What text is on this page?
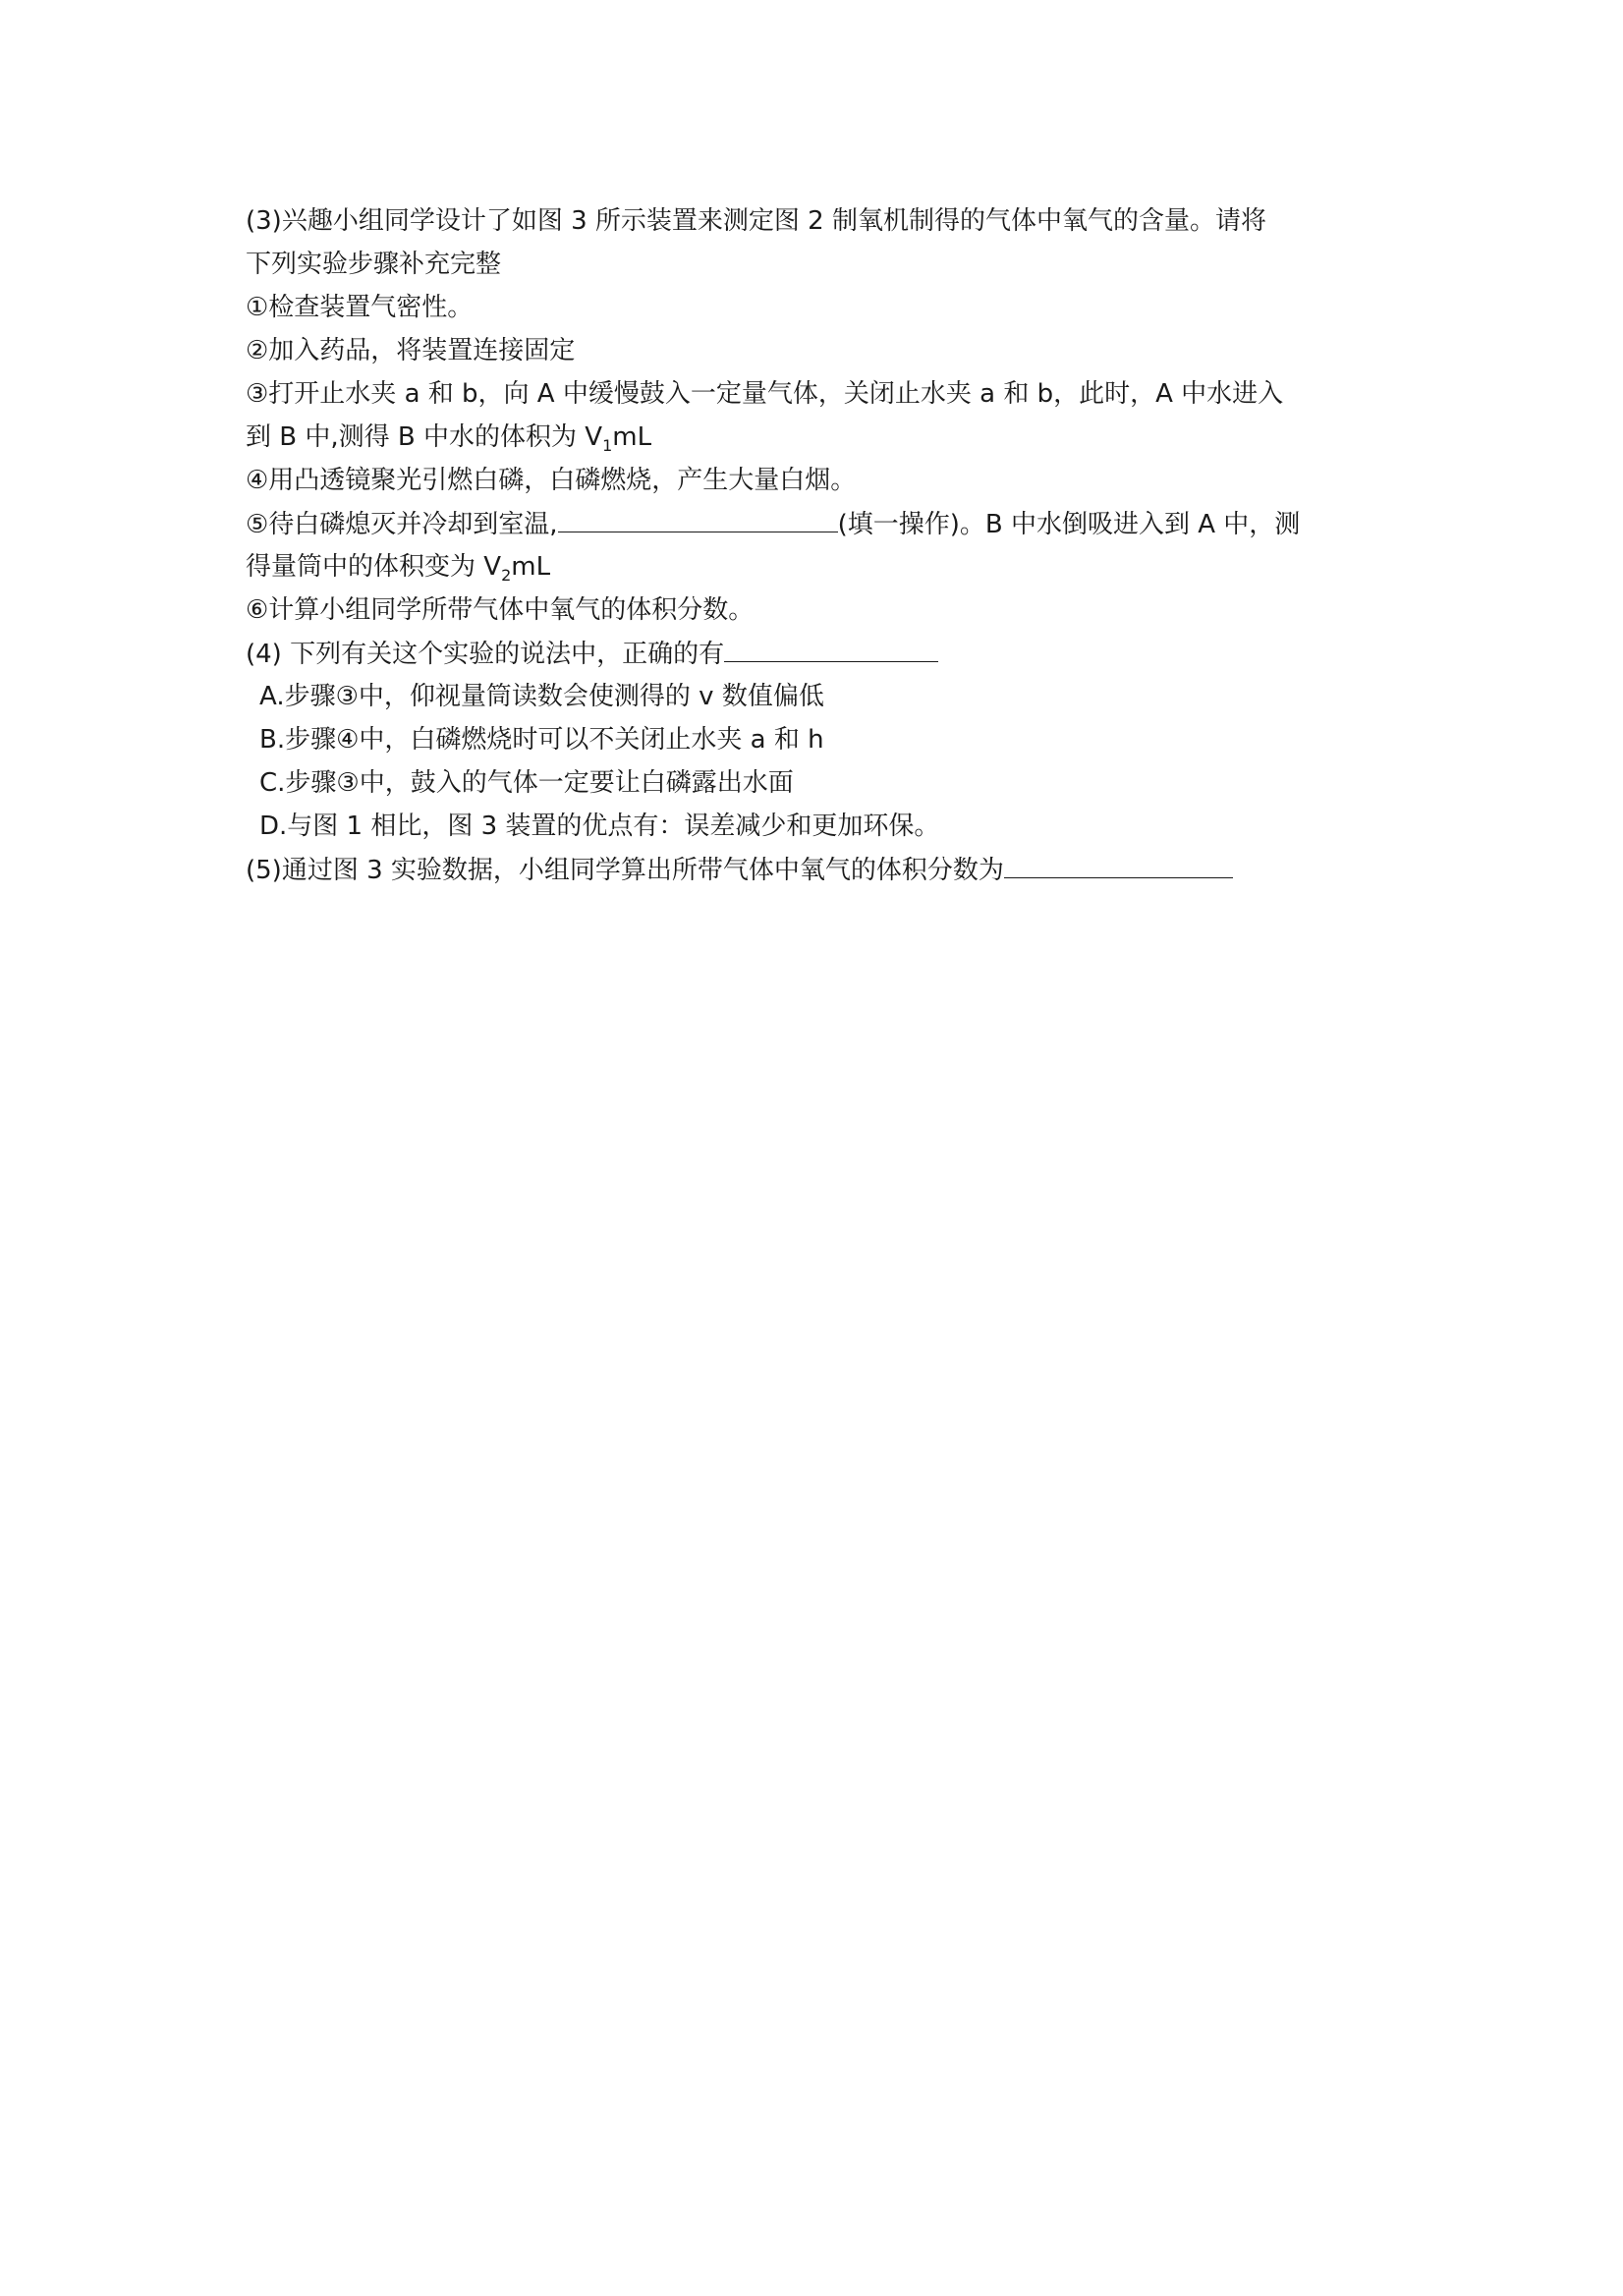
(3)兴趣小组同学设计了如图 3 所示装置来测定图 2 制氧机制得的气体中氧气的含量。请将
下列实验步骤补充完整
①检查装置气密性。
②加入药品，将装置连接固定
③打开止水夹 a 和 b，向 A 中缓慢鼓入一定量气体，关闭止水夹 a 和 b，此时，A 中水进入
到 B 中,测得 B 中水的体积为 $V_1mL$
④用凸透镜聚光引燃白磷，白磷燃烧，产生大量白烟。
⑤待白磷熄灭并冷却到室温,	(填一操作)。B 中水倒吸进入到 A 中，测
得量筒中的体积变为 $V_2mL$
⑥计算小组同学所带气体中氧气的体积分数。
(4) 下列有关这个实验的说法中，正确的有
A.步骤③中，仰视量筒读数会使测得的 v 数值偏低
B.步骤④中，白磷燃烧时可以不关闭止水夹 a 和 h
C.步骤③中，鼓入的气体一定要让白磷露出水面
D.与图 1 相比，图 3 装置的优点有：误差减少和更加环保。
(5)通过图 3 实验数据，小组同学算出所带气体中氧气的体积分数为
